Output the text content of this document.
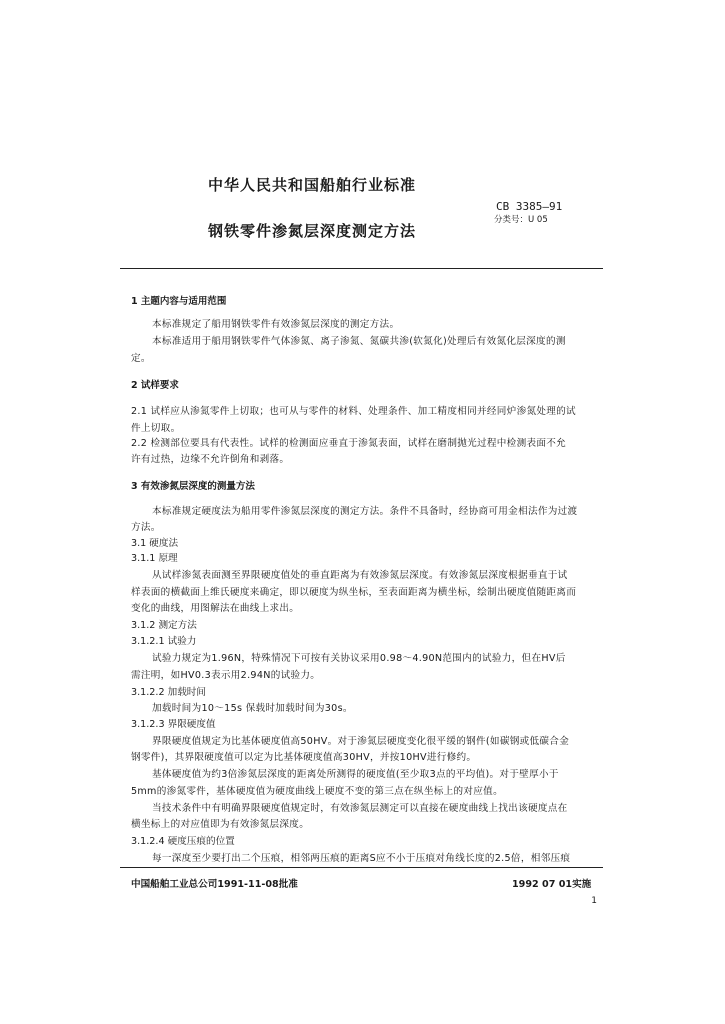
中华人民共和国船舶行业标准
CB 3385—91
分类号：U 05
钢铁零件渗氮层深度测定方法
1 主题内容与适用范围
本标准规定了船用钢铁零件有效渗氮层深度的测定方法。
本标准适用于船用钢铁零件气体渗氮、离子渗氮、氮碳共渗(软氮化)处理后有效氮化层深度的测
定。
2 试样要求
2.1 试样应从渗氮零件上切取；也可从与零件的材料、处理条件、加工精度相同并经同炉渗氮处理的试
件上切取。
2.2 检测部位要具有代表性。试样的检测面应垂直于渗氮表面，试样在磨制抛光过程中检测表面不允
许有过热，边缘不允许倒角和剥落。
3 有效渗氮层深度的测量方法
本标准规定硬度法为船用零件渗氮层深度的测定方法。条件不具备时，经协商可用金相法作为过渡
方法。
3.1 硬度法
3.1.1 原理
从试样渗氮表面测至界限硬度值处的垂直距离为有效渗氮层深度。有效渗氮层深度根据垂直于试
样表面的横截面上维氏硬度来确定，即以硬度为纵坐标，至表面距离为横坐标，绘制出硬度值随距离而
变化的曲线，用图解法在曲线上求出。
3.1.2 测定方法
3.1.2.1 试验力
试验力规定为1.96N，特殊情况下可按有关协议采用0.98～4.90N范围内的试验力，但在HV后
需注明，如HV0.3表示用2.94N的试验力。
3.1.2.2 加载时间
加载时间为10～15s 保载时加载时间为30s。
3.1.2.3 界限硬度值
界限硬度值规定为比基体硬度值高50HV。对于渗氮层硬度变化很平缓的钢件(如碳钢或低碳合金
钢零件)，其界限硬度值可以定为比基体硬度值高30HV，并按10HV进行修约。
基体硬度值为约3倍渗氮层深度的距离处所测得的硬度值(至少取3点的平均值)。对于壁厚小于
5mm的渗氮零件，基体硬度值为硬度曲线上硬度不变的第三点在纵坐标上的对应值。
当技术条件中有明确界限硬度值规定时，有效渗氮层测定可以直接在硬度曲线上找出该硬度点在
横坐标上的对应值即为有效渗氮层深度。
3.1.2.4 硬度压痕的位置
每一深度至少要打出二个压痕，相邻两压痕的距离S应不小于压痕对角线长度的2.5倍，相邻压痕
中国船舶工业总公司1991-11-08批准	1992 07 01实施
1
